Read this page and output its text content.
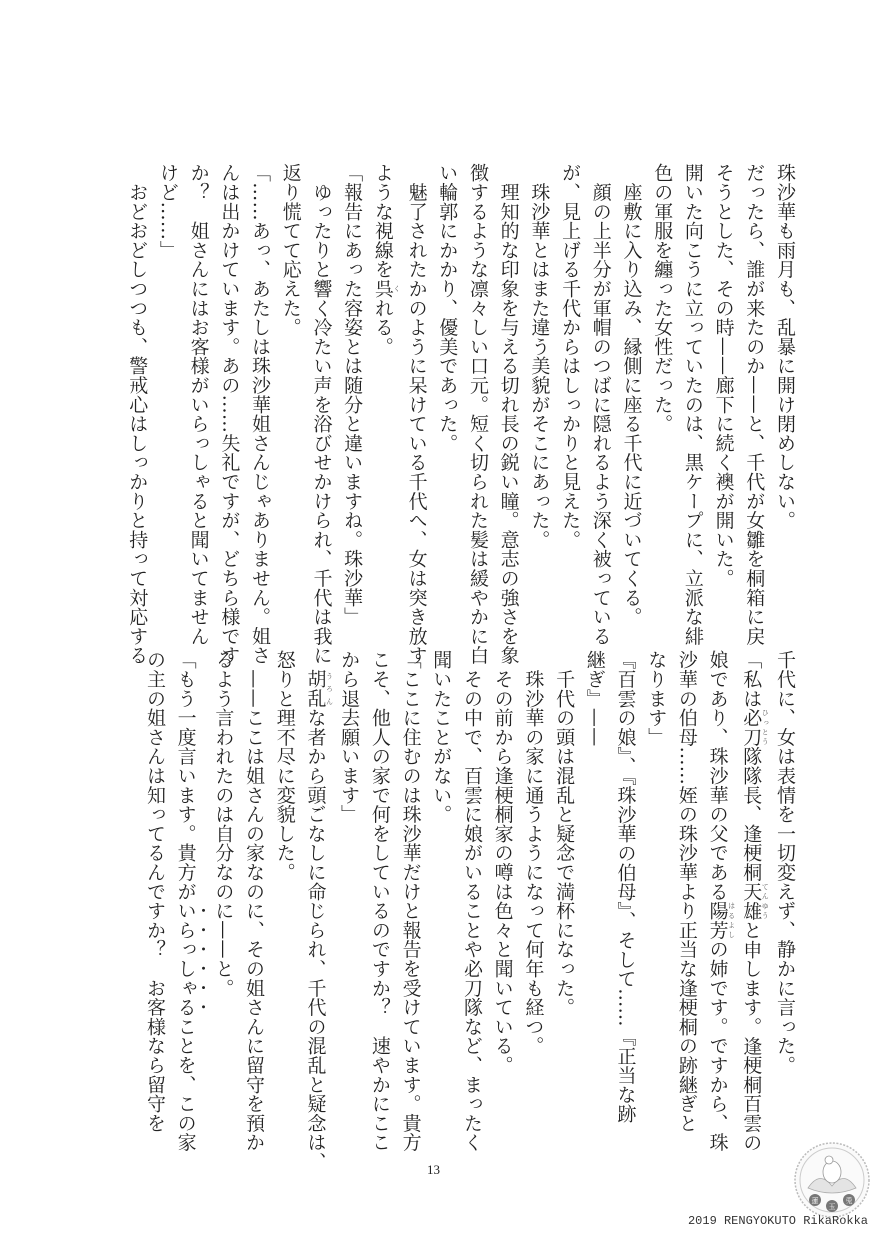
珠沙華も雨月も、乱暴に開け閉めしない。
だったら、誰が来たのか——と、千代が女雛を桐箱に戻
そうとした、その時——廊下に続く襖が開いた。
開いた向こうに立っていたのは、黒ケープに、立派な緋
色の軍服を纏った女性だった。
　座敷に入り込み、縁側に座る千代に近づいてくる。
　顔の上半分が軍帽のつばに隠れるよう深く被っている
が、見上げる千代からはしっかりと見えた。
　珠沙華とはまた違う美貌がそこにあった。
　理知的な印象を与える切れ長の鋭い瞳。意志の強さを象
徴するような凛々しい口元。短く切られた髪は緩やかに白
い輪郭にかかり、優美であった。
　魅了されたかのように呆けている千代へ、女は突き放す
ような視線を呉 くれる。
「報告にあった容姿とは随分と違いますね。珠沙華」
　ゆったりと響く冷たい声を浴びせかけられ、千代は我に
返り慌てて応えた。
「……あっ、あたしは珠沙華姐さんじゃありません。姐さ
んは出かけています。あの……失礼ですが、どちら様です
か？　姐さんにはお客様がいらっしゃると聞いてません
けど……」
　おどおどしつつも、警戒心はしっかりと持って対応する
千代に、女は表情を一切変えず、静かに言った。
「私は必刀 ひっとう隊隊長、逢梗桐天雄 てんゆうと申します。逢梗桐百雲の
娘であり、珠沙華の父である陽芳 はるよしの姉です。ですから、珠
沙華の伯母……姪の珠沙華より正当な逢梗桐の跡継ぎと
なります」
『百雲の娘』、『珠沙華の伯母』、そして……『正当な跡
継ぎ』——
　千代の頭は混乱と疑念で満杯になった。
　珠沙華の家に通うようになって何年も経つ。
　その前から逢梗桐家の噂は色々と聞いている。
　その中で、百雲に娘がいることや必刀隊など、まったく
聞いたことがない。
「ここに住むのは珠沙華だけと報告を受けています。貴方
こそ、他人の家で何をしているのですか？　速やかにここ
から退去願います」
　胡乱 うろんな者から頭ごなしに命じられ、千代の混乱と疑念は、
怒りと理不尽に変貌した。
　——ここは姐さんの家なのに、その姐さんに留守を預か
るよう言われたのは自分なのに——と。
「もう一度言います。貴方がいらっしゃることを、この家
の主の姐さんは知ってるんですか？　お客様なら留守を
13
蓮
玉
兎
2019 RENGYOKUTO RikaRokka
